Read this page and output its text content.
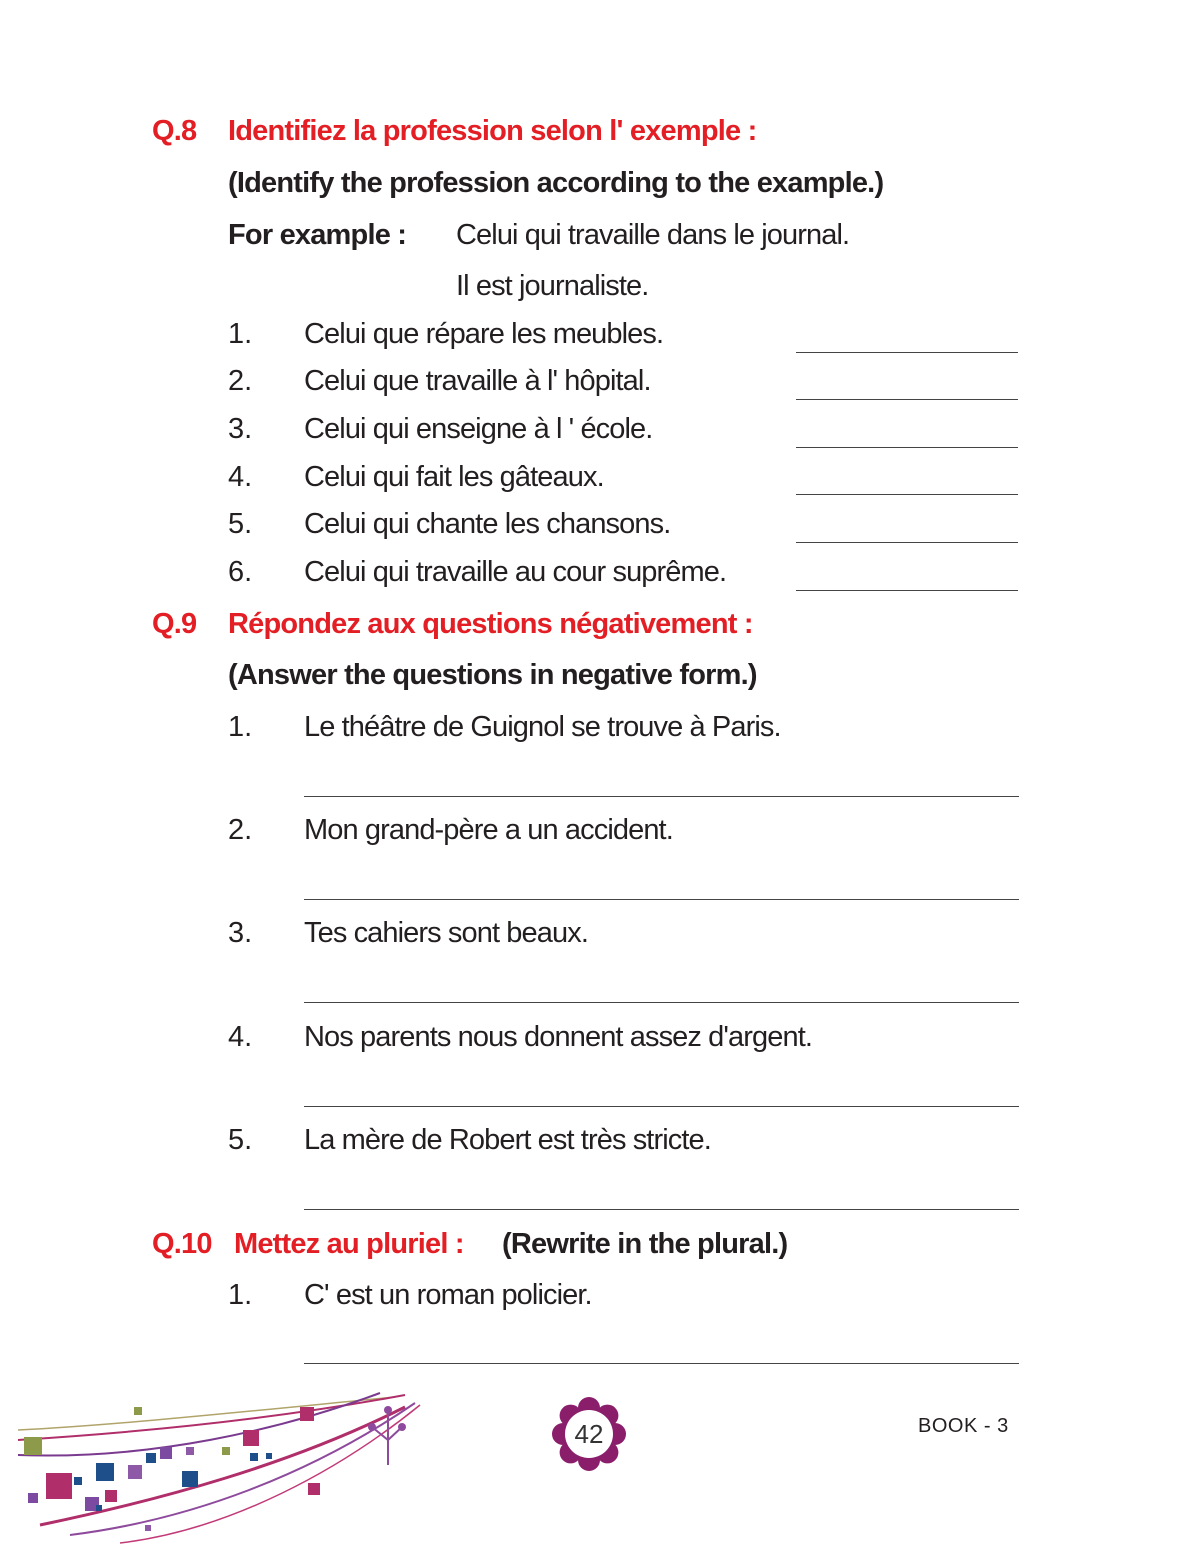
Q.8 Identifiez la profession selon l' exemple :
(Identify the profession according to the example.)
For example : Celui qui travaille dans le journal.
Il est journaliste.
1. Celui que répare les meubles.
2. Celui que travaille à l' hôpital.
3. Celui qui enseigne à l ' école.
4. Celui qui fait les gâteaux.
5. Celui qui chante les chansons.
6. Celui qui travaille au cour suprême.
Q.9 Répondez aux questions négativement :
(Answer the questions in negative form.)
1. Le théâtre de Guignol se trouve à Paris.
2. Mon grand-père a un accident.
3. Tes cahiers sont beaux.
4. Nos parents nous donnent assez d'argent.
5. La mère de Robert est très stricte.
Q.10 Mettez au pluriel : (Rewrite in the plural.)
1. C' est un roman policier.
42	BOOK - 3
